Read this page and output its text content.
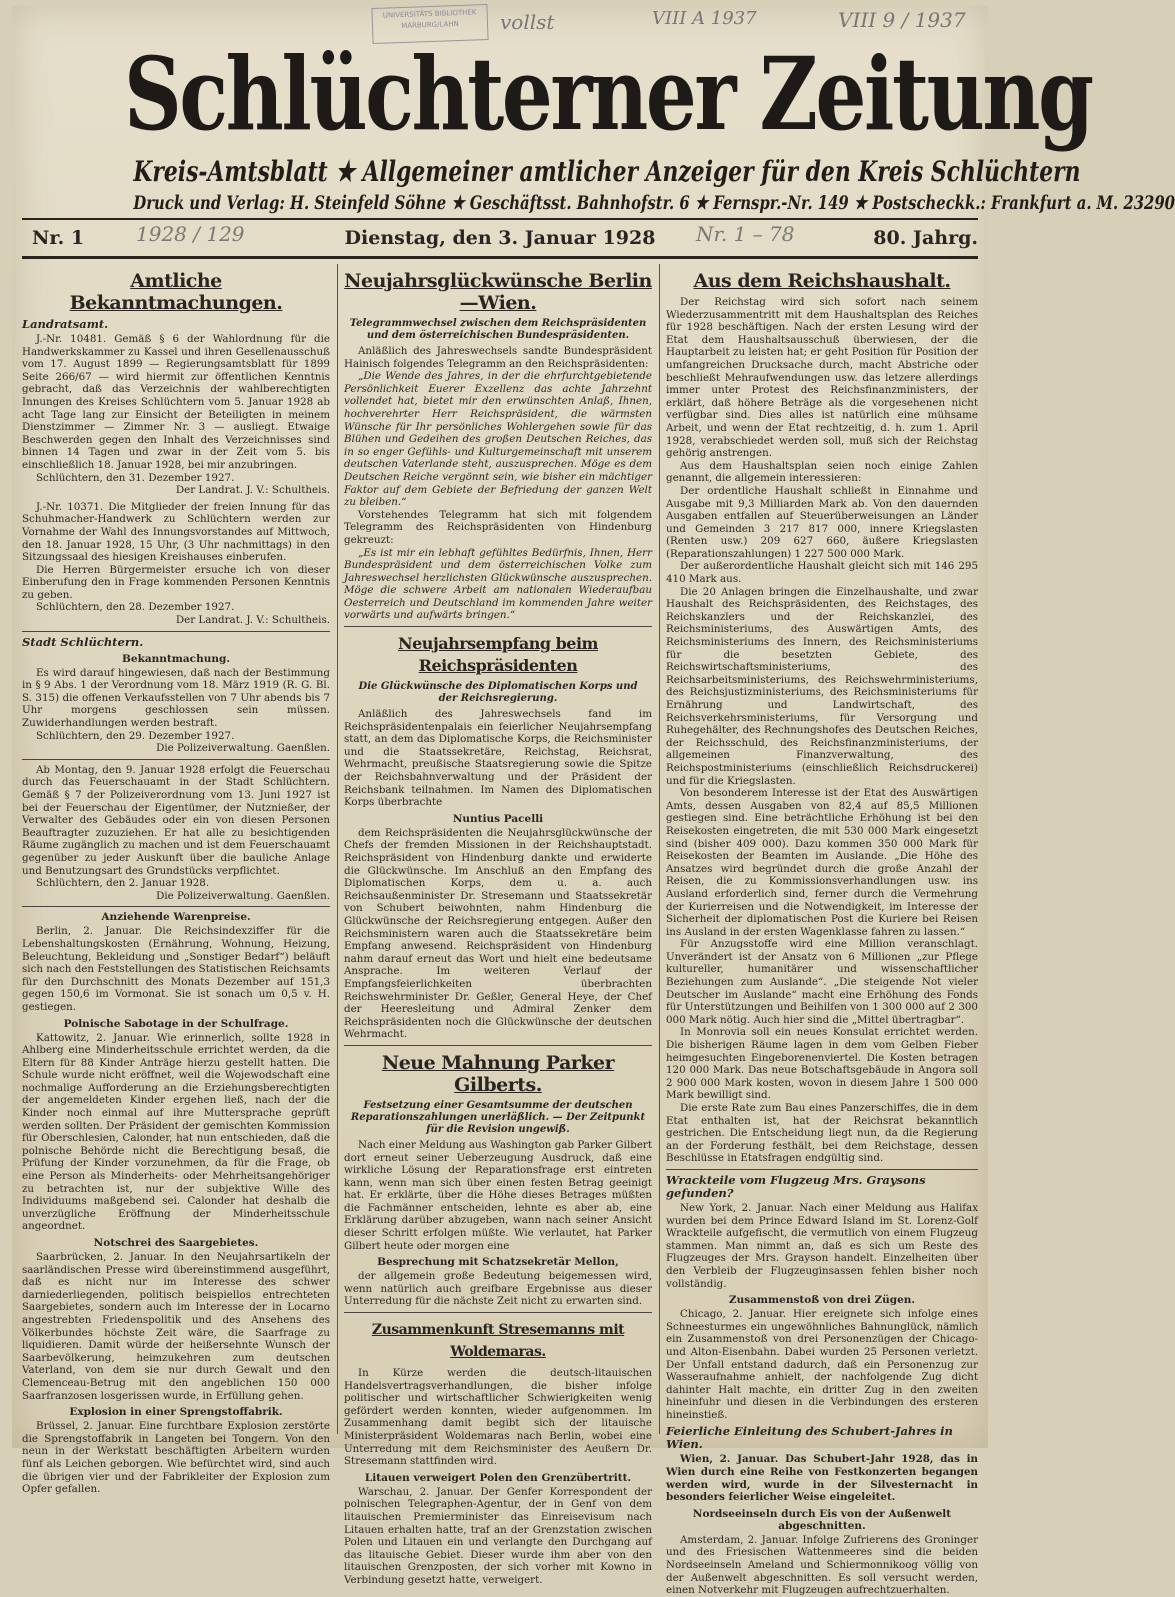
UNIVERSITÄTS BIBLIOTHEK MARBURG/LAHN	vollst	VIII A 1937	VIII 9 / 1937
Schlüchterner Zeitung
Kreis-Amtsblatt ★ Allgemeiner amtlicher Anzeiger für den Kreis Schlüchtern
Druck und Verlag: H. Steinfeld Söhne ★ Geschäftsst. Bahnhofstr. 6 ★ Fernspr.-Nr. 149 ★ Postscheckk.: Frankfurt a. M. 23290
Nr. 1	Dienstag, den 3. Januar 1928	80. Jahrg.
1928 / 129	Nr. 1 – 78
Amtliche Bekanntmachungen.
Landratsamt.

J.-Nr. 10481. Gemäß § 6 der Wahlordnung für die Handwerkskammer zu Kassel und ihren Gesellenausschuß vom 17. August 1899 — Regierungsamtsblatt für 1899 Seite 266/67 — wird hiermit zur öffentlichen Kenntnis gebracht, daß das Verzeichnis der wahlberechtigten Innungen des Kreises Schlüchtern vom 5. Januar 1928 ab acht Tage lang zur Einsicht der Beteiligten in meinem Dienstzimmer — Zimmer Nr. 3 — ausliegt. Etwaige Beschwerden gegen den Inhalt des Verzeichnisses sind binnen 14 Tagen und zwar in der Zeit vom 5. bis einschließlich 18. Januar 1928, bei mir anzubringen.

Schlüchtern, den 31. Dezember 1927.

Der Landrat. J. V.: Schultheis.

J.-Nr. 10371. Die Mitglieder der freien Innung für das Schuhmacher-Handwerk zu Schlüchtern werden zur Vornahme der Wahl des Innungsvorstandes auf Mittwoch, den 18. Januar 1928, 15 Uhr, (3 Uhr nachmittags) in den Sitzungssaal des hiesigen Kreishauses einberufen.

Die Herren Bürgermeister ersuche ich von dieser Einberufung den in Frage kommenden Personen Kenntnis zu geben.

Schlüchtern, den 28. Dezember 1927.

Der Landrat. J. V.: Schultheis.
Stadt Schlüchtern.
Bekanntmachung.

Es wird darauf hingewiesen, daß nach der Bestimmung in § 9 Abs. 1 der Verordnung vom 18. März 1919 (R. G. Bl. S. 315) die offenen Verkaufsstellen von 7 Uhr abends bis 7 Uhr morgens geschlossen sein müssen. Zuwiderhandlungen werden bestraft.

Schlüchtern, den 29. Dezember 1927.

Die Polizeiverwaltung. Gaenßlen.

Ab Montag, den 9. Januar 1928 erfolgt die Feuerschau durch das Feuerschauamt in der Stadt Schlüchtern. Gemäß § 7 der Polizeiverordnung vom 13. Juni 1927 ist bei der Feuerschau der Eigentümer, der Nutznießer, der Verwalter des Gebäudes oder ein von diesen Personen Beauftragter zuzuziehen. Er hat alle zu besichtigenden Räume zugänglich zu machen und ist dem Feuerschauamt gegenüber zu jeder Auskunft über die bauliche Anlage und Benutzungsart des Grundstücks verpflichtet.

Schlüchtern, den 2. Januar 1928.

Die Polizeiverwaltung. Gaenßlen.
Anziehende Warenpreise.

Berlin, 2. Januar. Die Reichsindexziffer für die Lebenshaltungskosten (Ernährung, Wohnung, Heizung, Beleuchtung, Bekleidung und „Sonstiger Bedarf“) beläuft sich nach den Feststellungen des Statistischen Reichsamts für den Durchschnitt des Monats Dezember auf 151,3 gegen 150,6 im Vormonat. Sie ist sonach um 0,5 v. H. gestiegen.

Polnische Sabotage in der Schulfrage.

Kattowitz, 2. Januar. Wie erinnerlich, sollte 1928 in Ahlberg eine Minderheitsschule errichtet werden, da die Eltern für 88 Kinder Anträge hierzu gestellt hatten. Die Schule wurde nicht eröffnet, weil die Wojewodschaft eine nochmalige Aufforderung an die Erziehungsberechtigten der angemeldeten Kinder ergehen ließ, nach der die Kinder noch einmal auf ihre Muttersprache geprüft werden sollten. Der Präsident der gemischten Kommission für Oberschlesien, Calonder, hat nun entschieden, daß die polnische Behörde nicht die Berechtigung besaß, die Prüfung der Kinder vorzunehmen, da für die Frage, ob eine Person als Minderheits- oder Mehrheitsangehöriger zu betrachten ist, nur der subjektive Wille des Individuums maßgebend sei. Calonder hat deshalb die unverzügliche Eröffnung der Minderheitsschule angeordnet.

Notschrei des Saargebietes.

Saarbrücken, 2. Januar. In den Neujahrsartikeln der saarländischen Presse wird übereinstimmend ausgeführt, daß es nicht nur im Interesse des schwer darniederliegenden, politisch beispiellos entrechteten Saargebietes, sondern auch im Interesse der in Locarno angestrebten Friedenspolitik und des Ansehens des Völkerbundes höchste Zeit wäre, die Saarfrage zu liquidieren. Damit würde der heißersehnte Wunsch der Saarbevölkerung, heimzukehren zum deutschen Vaterland, von dem sie nur durch Gewalt und den Clemenceau-Betrug mit den angeblichen 150 000 Saarfranzosen losgerissen wurde, in Erfüllung gehen.

Explosion in einer Sprengstoffabrik.

Brüssel, 2. Januar. Eine furchtbare Explosion zerstörte die Sprengstoffabrik in Langeten bei Tongern. Von den neun in der Werkstatt beschäftigten Arbeitern wurden fünf als Leichen geborgen. Wie befürchtet wird, sind auch die übrigen vier und der Fabrikleiter der Explosion zum Opfer gefallen.

Neujahrsglückwünsche Berlin—Wien.
Telegrammwechsel zwischen dem Reichspräsidenten und dem österreichischen Bundespräsidenten.

Anläßlich des Jahreswechsels sandte Bundespräsident Hainisch folgendes Telegramm an den Reichspräsidenten:

„Die Wende des Jahres, in der die ehrfurchtgebietende Persönlichkeit Euerer Exzellenz das achte Jahrzehnt vollendet hat, bietet mir den erwünschten Anlaß, Ihnen, hochverehrter Herr Reichspräsident, die wärmsten Wünsche für Ihr persönliches Wohlergehen sowie für das Blühen und Gedeihen des großen Deutschen Reiches, das in so enger Gefühls- und Kulturgemeinschaft mit unserem deutschen Vaterlande steht, auszusprechen. Möge es dem Deutschen Reiche vergönnt sein, wie bisher ein mächtiger Faktor auf dem Gebiete der Befriedung der ganzen Welt zu bleiben.“

Vorstehendes Telegramm hat sich mit folgendem Telegramm des Reichspräsidenten von Hindenburg gekreuzt:

„Es ist mir ein lebhaft gefühltes Bedürfnis, Ihnen, Herr Bundespräsident und dem österreichischen Volke zum Jahreswechsel herzlichsten Glückwünsche auszusprechen. Möge die schwere Arbeit am nationalen Wiederaufbau Oesterreich und Deutschland im kommenden Jahre weiter vorwärts und aufwärts bringen.“

Neujahrsempfang beim Reichspräsidenten
Die Glückwünsche des Diplomatischen Korps und der Reichsregierung.

Anläßlich des Jahreswechsels fand im Reichspräsidentenpalais ein feierlicher Neujahrsempfang statt, an dem das Diplomatische Korps, die Reichsminister und die Staatssekretäre, Reichstag, Reichsrat, Wehrmacht, preußische Staatsregierung sowie die Spitze der Reichsbahnverwaltung und der Präsident der Reichsbank teilnahmen. Im Namen des Diplomatischen Korps überbrachte

Nuntius Pacelli

dem Reichspräsidenten die Neujahrsglückwünsche der Chefs der fremden Missionen in der Reichshauptstadt. Reichspräsident von Hindenburg dankte und erwiderte die Glückwünsche. Im Anschluß an den Empfang des Diplomatischen Korps, dem u. a. auch Reichsaußenminister Dr. Stresemann und Staatssekretär von Schubert beiwohnten, nahm Hindenburg die Glückwünsche der Reichsregierung entgegen. Außer den Reichsministern waren auch die Staatssekretäre beim Empfang anwesend. Reichspräsident von Hindenburg nahm darauf erneut das Wort und hielt eine bedeutsame Ansprache. Im weiteren Verlauf der Empfangsfeierlichkeiten überbrachten Reichswehrminister Dr. Geßler, General Heye, der Chef der Heeresleitung und Admiral Zenker dem Reichspräsidenten noch die Glückwünsche der deutschen Wehrmacht.

Neue Mahnung Parker Gilberts.
Festsetzung einer Gesamtsumme der deutschen Reparationszahlungen unerläßlich. — Der Zeitpunkt für die Revision ungewiß.

Nach einer Meldung aus Washington gab Parker Gilbert dort erneut seiner Ueberzeugung Ausdruck, daß eine wirkliche Lösung der Reparationsfrage erst eintreten kann, wenn man sich über einen festen Betrag geeinigt hat. Er erklärte, über die Höhe dieses Betrages müßten die Fachmänner entscheiden, lehnte es aber ab, eine Erklärung darüber abzugeben, wann nach seiner Ansicht dieser Schritt erfolgen müßte. Wie verlautet, hat Parker Gilbert heute oder morgen eine

Besprechung mit Schatzsekretär Mellon,

der allgemein große Bedeutung beigemessen wird, wenn natürlich auch greifbare Ergebnisse aus dieser Unterredung für die nächste Zeit nicht zu erwarten sind.

Zusammenkunft Stresemanns mit Woldemaras.

In Kürze werden die deutsch-litauischen Handelsvertragsverhandlungen, die bisher infolge politischer und wirtschaftlicher Schwierigkeiten wenig gefördert werden konnten, wieder aufgenommen. Im Zusammenhang damit begibt sich der litauische Ministerpräsident Woldemaras nach Berlin, wobei eine Unterredung mit dem Reichsminister des Aeußern Dr. Stresemann stattfinden wird.

Litauen verweigert Polen den Grenzübertritt.

Warschau, 2. Januar. Der Genfer Korrespondent der polnischen Telegraphen-Agentur, der in Genf von dem litauischen Premierminister das Einreisevisum nach Litauen erhalten hatte, traf an der Grenzstation zwischen Polen und Litauen ein und verlangte den Durchgang auf das litauische Gebiet. Dieser wurde ihm aber von den litauischen Grenzposten, der sich vorher mit Kowno in Verbindung gesetzt hatte, verweigert.

Aus dem Reichshaushalt.

Der Reichstag wird sich sofort nach seinem Wiederzusammentritt mit dem Haushaltsplan des Reiches für 1928 beschäftigen. Nach der ersten Lesung wird der Etat dem Haushaltsausschuß überwiesen, der die Hauptarbeit zu leisten hat; er geht Position für Position der umfangreichen Drucksache durch, macht Abstriche oder beschließt Mehraufwendungen usw. das letzere allerdings immer unter Protest des Reichsfinanzministers, der erklärt, daß höhere Beträge als die vorgesehenen nicht verfügbar sind. Dies alles ist natürlich eine mühsame Arbeit, und wenn der Etat rechtzeitig, d. h. zum 1. April 1928, verabschiedet werden soll, muß sich der Reichstag gehörig anstrengen.

Aus dem Haushaltsplan seien noch einige Zahlen genannt, die allgemein interessieren:

Der ordentliche Haushalt schließt in Einnahme und Ausgabe mit 9,3 Milliarden Mark ab. Von den dauernden Ausgaben entfallen auf Steuerüberweisungen an Länder und Gemeinden 3 217 817 000, innere Kriegslasten (Renten usw.) 209 627 660, äußere Kriegslasten (Reparationszahlungen) 1 227 500 000 Mark.

Der außerordentliche Haushalt gleicht sich mit 146 295 410 Mark aus.

Die 20 Anlagen bringen die Einzelhaushalte, und zwar Haushalt des Reichspräsidenten, des Reichstages, des Reichskanzlers und der Reichskanzlei, des Reichsministeriums, des Auswärtigen Amts, des Reichsministeriums des Innern, des Reichsministeriums für die besetzten Gebiete, des Reichswirtschaftsministeriums, des Reichsarbeitsministeriums, des Reichswehrministeriums, des Reichsjustizministeriums, des Reichsministeriums für Ernährung und Landwirtschaft, des Reichsverkehrsministeriums, für Versorgung und Ruhegehälter, des Rechnungshofes des Deutschen Reiches, der Reichsschuld, des Reichsfinanzministeriums, der allgemeinen Finanzverwaltung, des Reichspostministeriums (einschließlich Reichsdruckerei) und für die Kriegslasten.

Von besonderem Interesse ist der Etat des Auswärtigen Amts, dessen Ausgaben von 82,4 auf 85,5 Millionen gestiegen sind. Eine beträchtliche Erhöhung ist bei den Reisekosten eingetreten, die mit 530 000 Mark eingesetzt sind (bisher 409 000). Dazu kommen 350 000 Mark für Reisekosten der Beamten im Auslande. „Die Höhe des Ansatzes wird begründet durch die große Anzahl der Reisen, die zu Kommissionsverhandlungen usw. ins Ausland erforderlich sind, ferner durch die Vermehrung der Kurierreisen und die Notwendigkeit, im Interesse der Sicherheit der diplomatischen Post die Kuriere bei Reisen ins Ausland in der ersten Wagenklasse fahren zu lassen.“

Für Anzugsstoffe wird eine Million veranschlagt. Unverändert ist der Ansatz von 6 Millionen „zur Pflege kultureller, humanitärer und wissenschaftlicher Beziehungen zum Auslande“. „Die steigende Not vieler Deutscher im Auslande“ macht eine Erhöhung des Fonds für Unterstützungen und Beihilfen von 1 300 000 auf 2 300 000 Mark nötig. Auch hier sind die „Mittel übertragbar“.

In Monrovia soll ein neues Konsulat errichtet werden. Die bisherigen Räume lagen in dem vom Gelben Fieber heimgesuchten Eingeborenenviertel. Die Kosten betragen 120 000 Mark. Das neue Botschaftsgebäude in Angora soll 2 900 000 Mark kosten, wovon in diesem Jahre 1 500 000 Mark bewilligt sind.

Die erste Rate zum Bau eines Panzerschiffes, die in dem Etat enthalten ist, hat der Reichsrat bekanntlich gestrichen. Die Entscheidung liegt nun, da die Regierung an der Forderung festhält, bei dem Reichstage, dessen Beschlüsse in Etatsfragen endgültig sind.

Wrackteile vom Flugzeug Mrs. Graysons gefunden?

New York, 2. Januar. Nach einer Meldung aus Halifax wurden bei dem Prince Edward Island im St. Lorenz-Golf Wrackteile aufgefischt, die vermutlich von einem Flugzeug stammen. Man nimmt an, daß es sich um Reste des Flugzeuges der Mrs. Grayson handelt. Einzelheiten über den Verbleib der Flugzeuginsassen fehlen bisher noch vollständig.

Zusammenstoß von drei Zügen.

Chicago, 2. Januar. Hier ereignete sich infolge eines Schneesturmes ein ungewöhnliches Bahnunglück, nämlich ein Zusammenstoß von drei Personenzügen der Chicago- und Alton-Eisenbahn. Dabei wurden 25 Personen verletzt. Der Unfall entstand dadurch, daß ein Personenzug zur Wasseraufnahme anhielt, der nachfolgende Zug dicht dahinter Halt machte, ein dritter Zug in den zweiten hineinfuhr und diesen in die Verbindungen des ersteren hineinstieß.

Feierliche Einleitung des Schubert-Jahres in Wien.

Wien, 2. Januar. Das Schubert-Jahr 1928, das in Wien durch eine Reihe von Festkonzerten begangen werden wird, wurde in der Silvesternacht in besonders feierlicher Weise eingeleitet.

Nordseeinseln durch Eis von der Außenwelt abgeschnitten.

Amsterdam, 2. Januar. Infolge Zufrierens des Groninger und des Friesischen Wattenmeeres sind die beiden Nordseeinseln Ameland und Schiermonnikoog völlig von der Außenwelt abgeschnitten. Es soll versucht werden, einen Notverkehr mit Flugzeugen aufrechtzuerhalten.
